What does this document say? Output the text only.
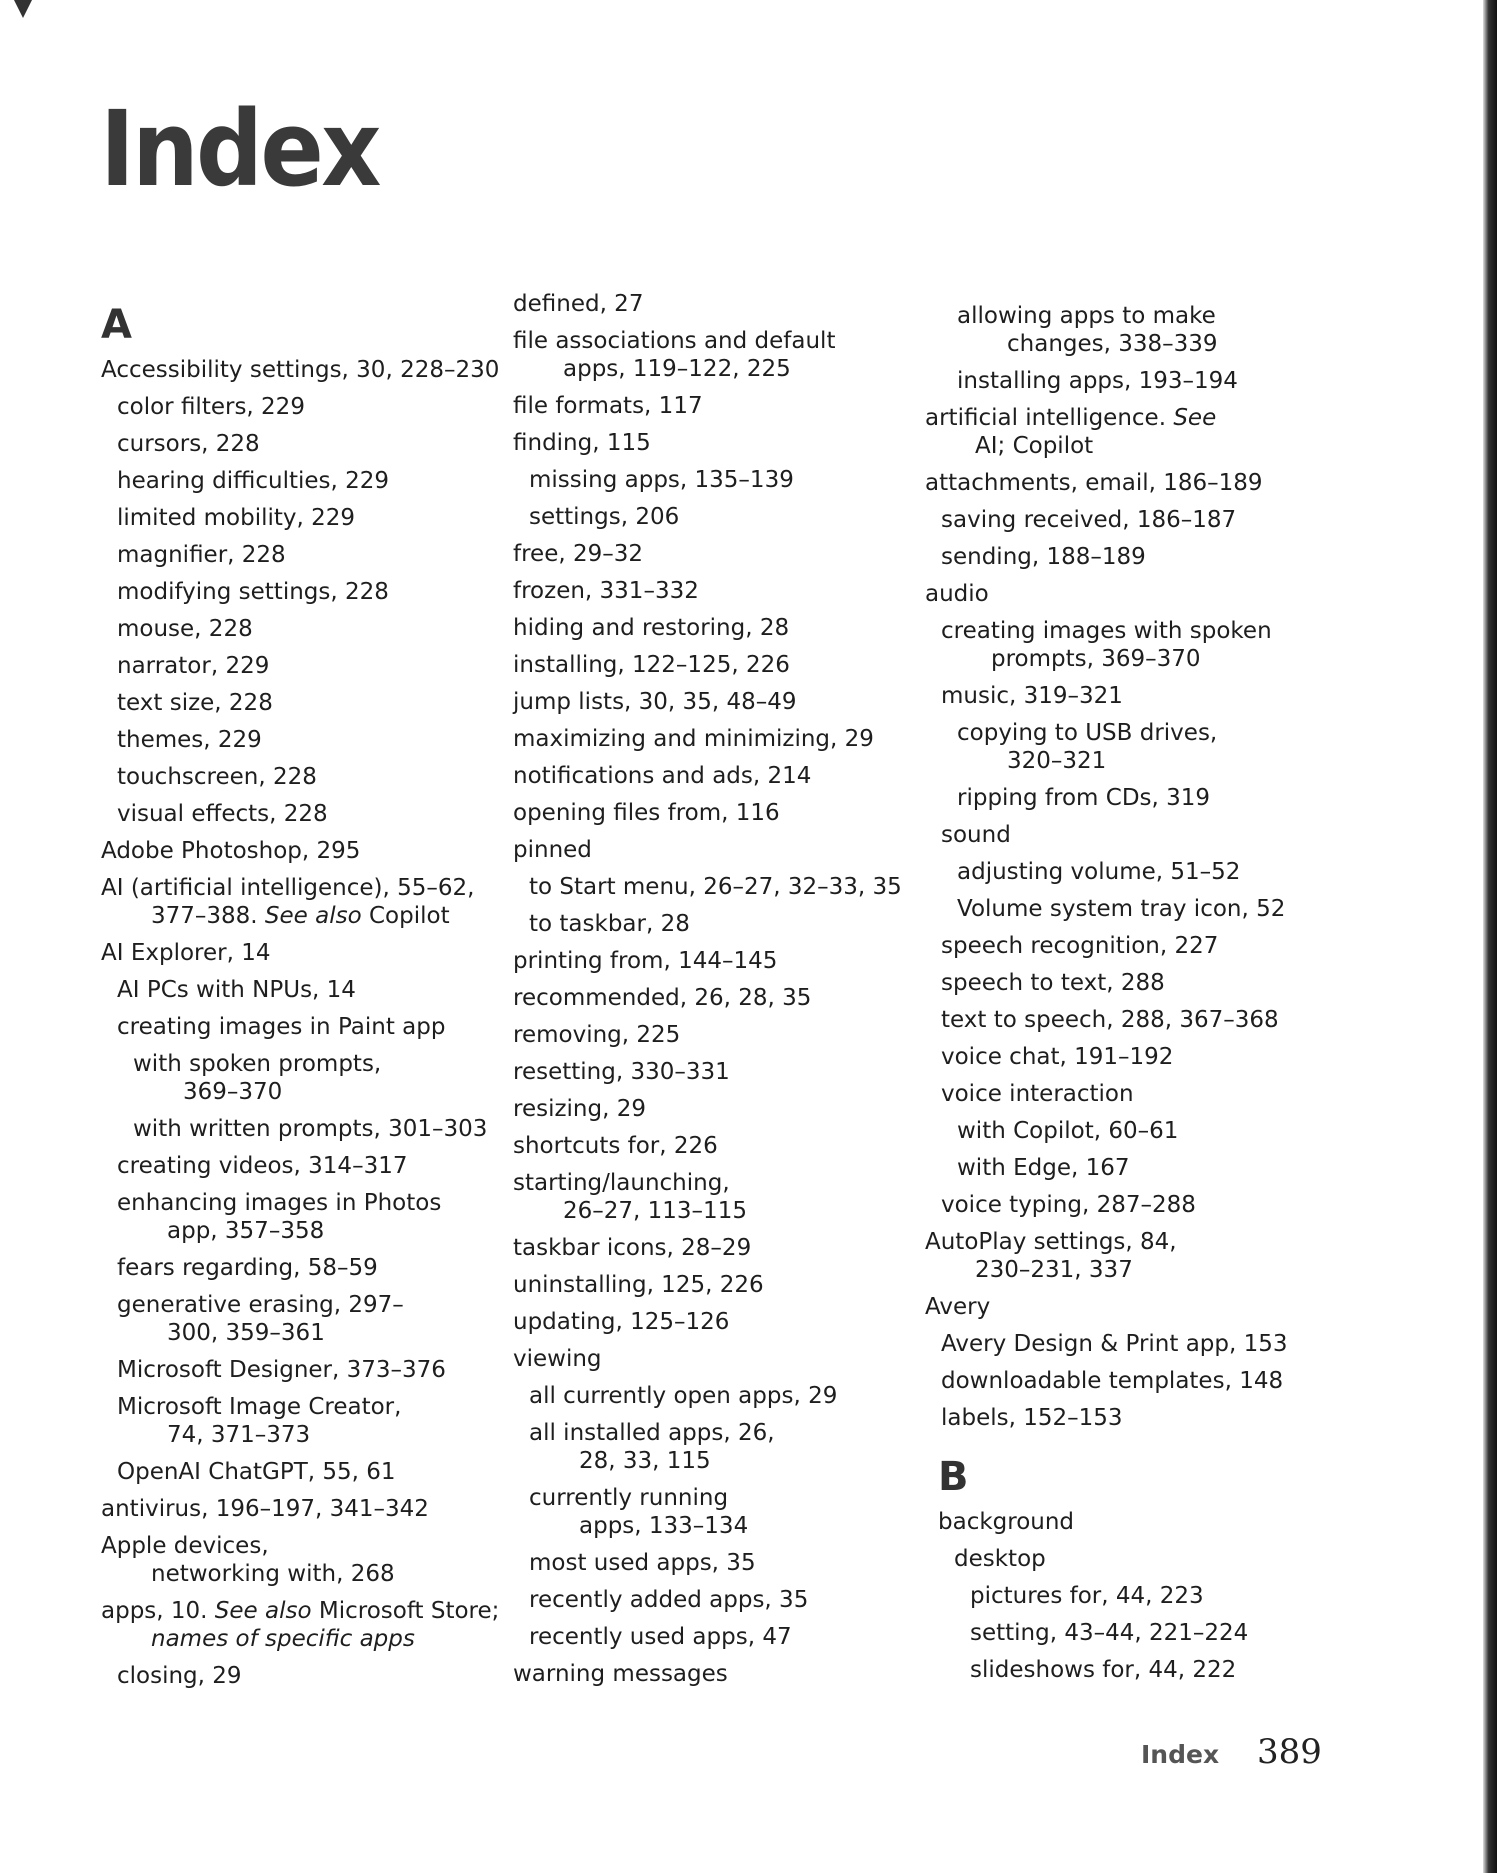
Index
A
Accessibility settings, 30, 228–230
color filters, 229
cursors, 228
hearing difficulties, 229
limited mobility, 229
magnifier, 228
modifying settings, 228
mouse, 228
narrator, 229
text size, 228
themes, 229
touchscreen, 228
visual effects, 228
Adobe Photoshop, 295
AI (artificial intelligence), 55–62,
377–388. See also Copilot
AI Explorer, 14
AI PCs with NPUs, 14
creating images in Paint app
with spoken prompts,
369–370
with written prompts, 301–303
creating videos, 314–317
enhancing images in Photos
app, 357–358
fears regarding, 58–59
generative erasing, 297–
300, 359–361
Microsoft Designer, 373–376
Microsoft Image Creator,
74, 371–373
OpenAI ChatGPT, 55, 61
antivirus, 196–197, 341–342
Apple devices,
networking with, 268
apps, 10. See also Microsoft Store;
names of specific apps
closing, 29
defined, 27
file associations and default
apps, 119–122, 225
file formats, 117
finding, 115
missing apps, 135–139
settings, 206
free, 29–32
frozen, 331–332
hiding and restoring, 28
installing, 122–125, 226
jump lists, 30, 35, 48–49
maximizing and minimizing, 29
notifications and ads, 214
opening files from, 116
pinned
to Start menu, 26–27, 32–33, 35
to taskbar, 28
printing from, 144–145
recommended, 26, 28, 35
removing, 225
resetting, 330–331
resizing, 29
shortcuts for, 226
starting/launching,
26–27, 113–115
taskbar icons, 28–29
uninstalling, 125, 226
updating, 125–126
viewing
all currently open apps, 29
all installed apps, 26,
28, 33, 115
currently running
apps, 133–134
most used apps, 35
recently added apps, 35
recently used apps, 47
warning messages
allowing apps to make
changes, 338–339
installing apps, 193–194
artificial intelligence. See
AI; Copilot
attachments, email, 186–189
saving received, 186–187
sending, 188–189
audio
creating images with spoken
prompts, 369–370
music, 319–321
copying to USB drives,
320–321
ripping from CDs, 319
sound
adjusting volume, 51–52
Volume system tray icon, 52
speech recognition, 227
speech to text, 288
text to speech, 288, 367–368
voice chat, 191–192
voice interaction
with Copilot, 60–61
with Edge, 167
voice typing, 287–288
AutoPlay settings, 84,
230–231, 337
Avery
Avery Design & Print app, 153
downloadable templates, 148
labels, 152–153
B
background
desktop
pictures for, 44, 223
setting, 43–44, 221–224
slideshows for, 44, 222
Index 389
